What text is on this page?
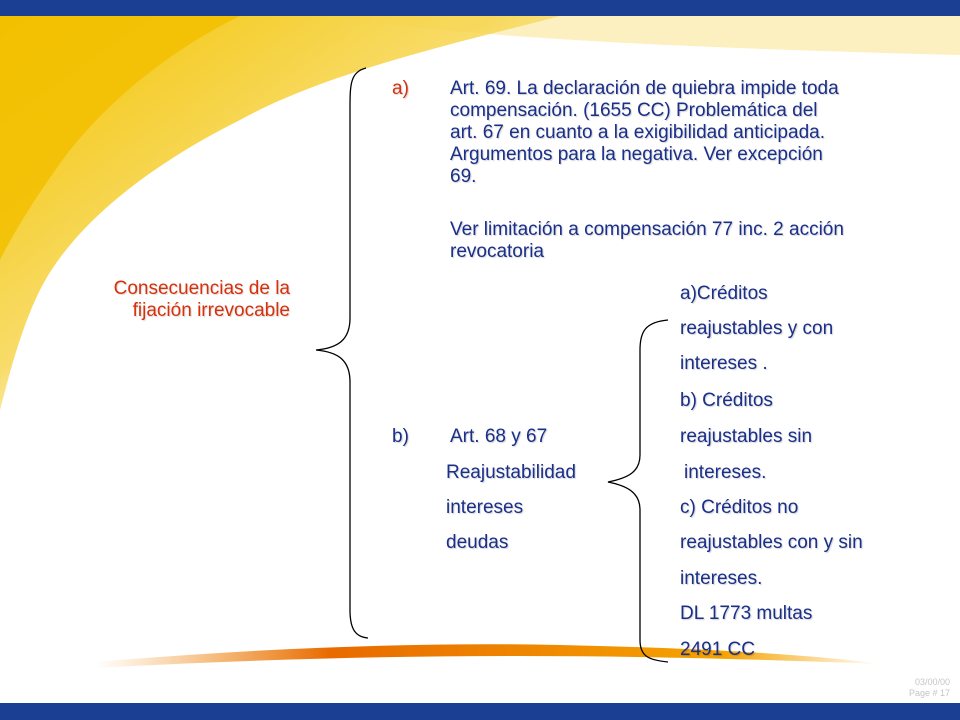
Consecuencias de la
fijación irrevocable
a) Art. 69. La declaración de quiebra impide toda
compensación. (1655 CC) Problemática del
art. 67 en cuanto a la exigibilidad anticipada.
Argumentos para la negativa. Ver excepción
69.
Ver limitación a compensación 77 inc. 2 acción
revocatoria
b) Art. 68 y 67
Reajustabilidad
intereses
deudas
a)Créditos
reajustables y con
intereses .
b) Créditos
reajustables sin
intereses.
c) Créditos no
reajustables con y sin
intereses.
DL 1773 multas
2491 CC
03/00/00
Page # 17
